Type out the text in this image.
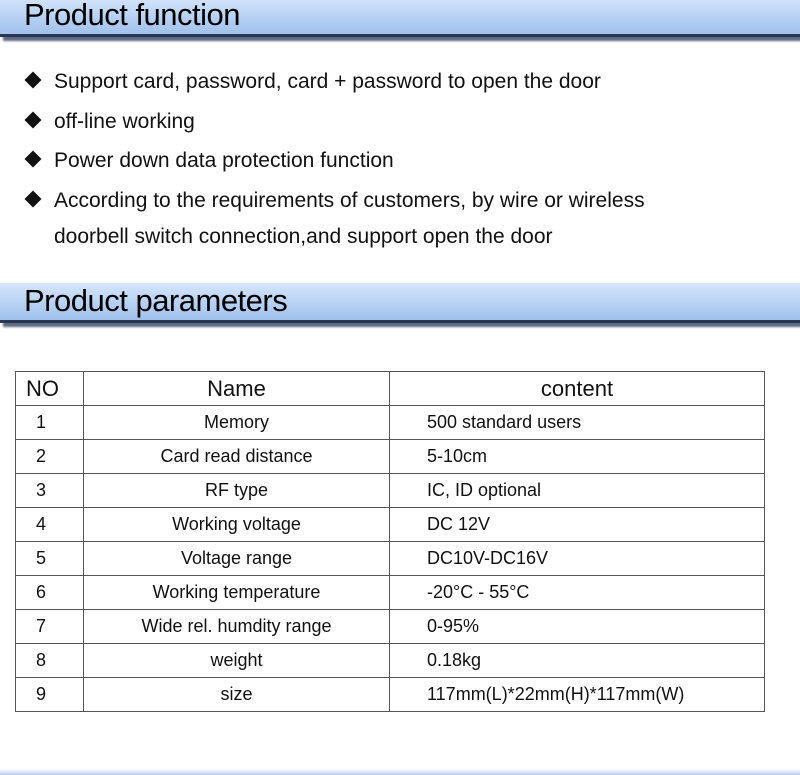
Product function
Support card, password, card + password to open the door
off-line working
Power down data protection function
According to the requirements of customers, by wire or wireless
doorbell switch connection,and support open the door
Product parameters
NO	Name	content
1	Memory	500 standard users
2	Card read distance	5-10cm
3	RF type	IC, ID optional
4	Working voltage	DC 12V
5	Voltage range	DC10V-DC16V
6	Working temperature	-20°C - 55°C
7	Wide rel. humdity range	0-95%
8	weight	0.18kg
9	size	117mm(L)*22mm(H)*117mm(W)
